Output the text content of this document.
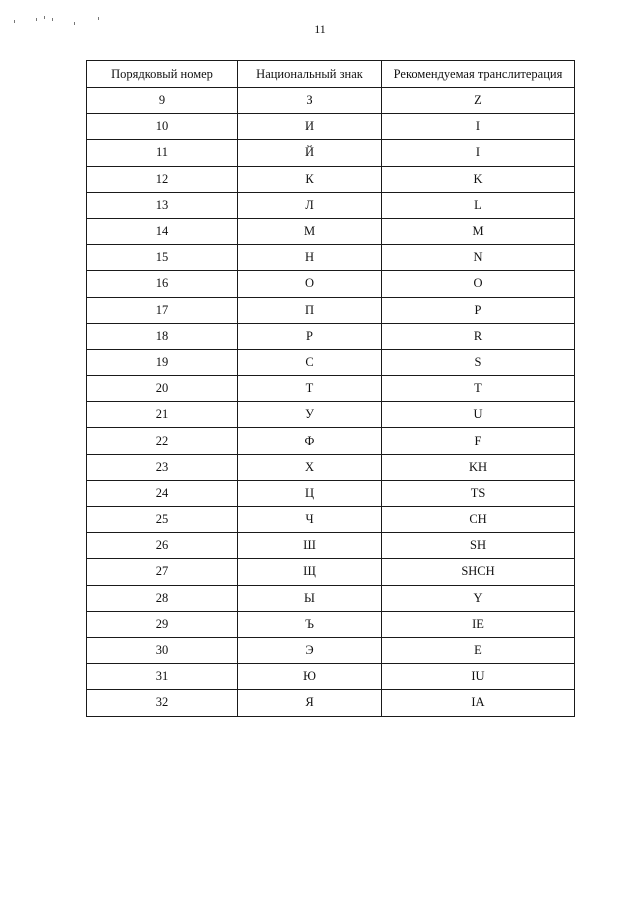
11
Порядковый номер	Национальный знак	Рекомендуемая транслитерация
9	З	Z
10	И	I
11	Й	I
12	К	K
13	Л	L
14	М	M
15	Н	N
16	О	O
17	П	P
18	Р	R
19	С	S
20	Т	T
21	У	U
22	Ф	F
23	Х	KH
24	Ц	TS
25	Ч	CH
26	Ш	SH
27	Щ	SHCH
28	Ы	Y
29	Ъ	IE
30	Э	E
31	Ю	IU
32	Я	IA
